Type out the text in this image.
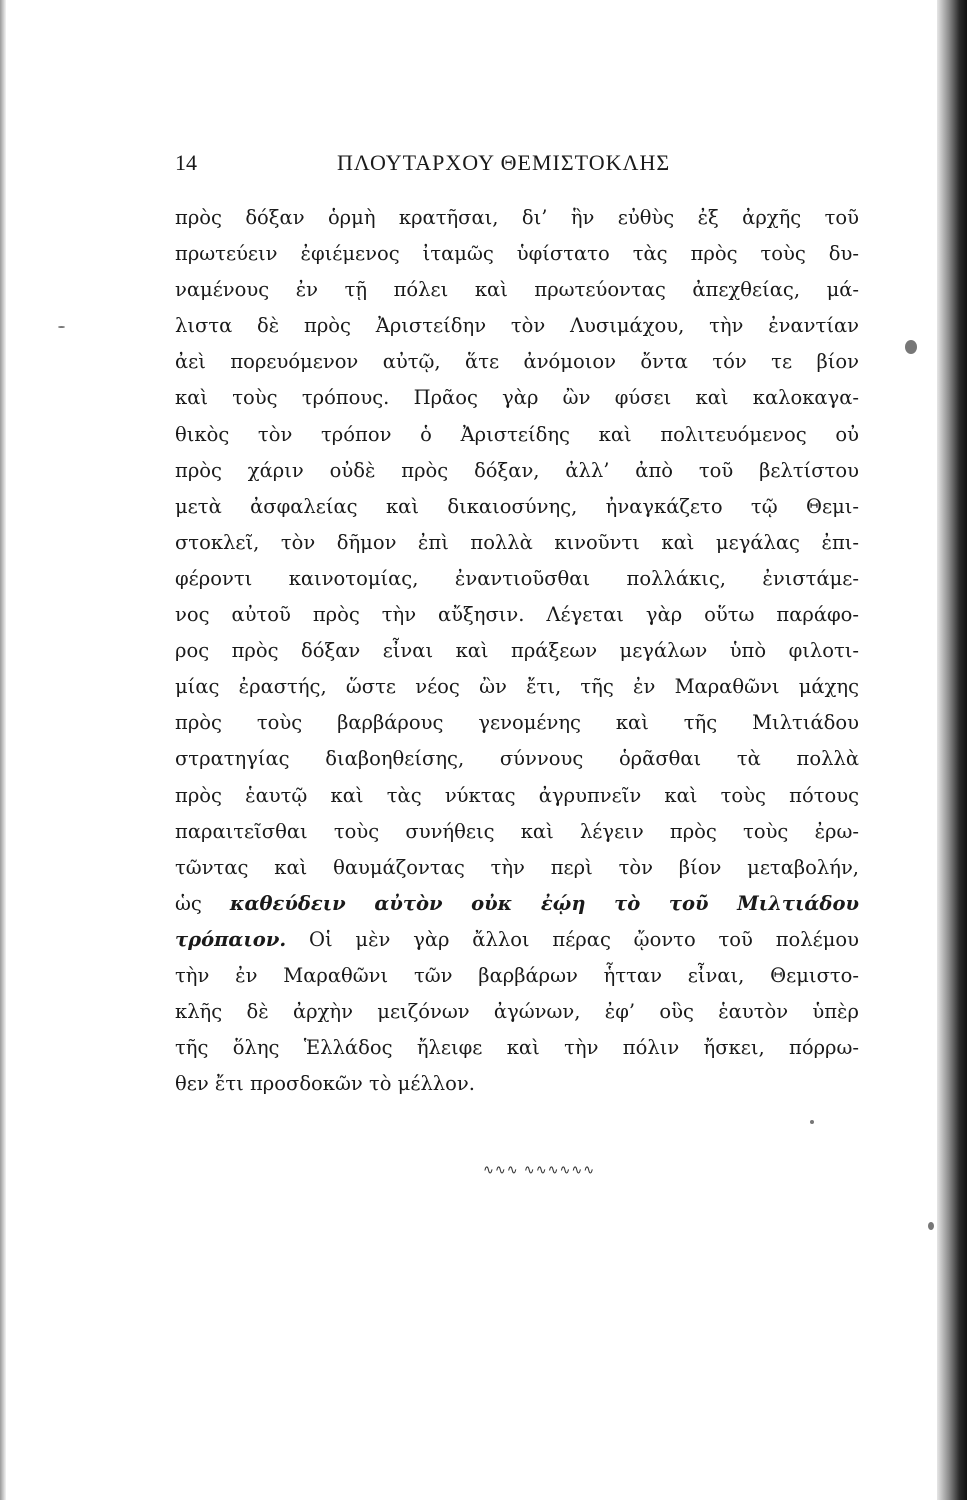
14	ΠΛΟΥΤΑΡΧΟΥ ΘΕΜΙΣΤΟΚΛΗΣ
πρὸς δόξαν ὁρμὴ κρατῆσαι, δι’ ἣν εὐθὺς ἐξ ἀρχῆς τοῦ
πρωτεύειν ἐφιέμενος ἰταμῶς ὑφίστατο τὰς πρὸς τοὺς δυ-
ναμένους ἐν τῇ πόλει καὶ πρωτεύοντας ἀπεχθείας, μά-
λιστα δὲ πρὸς Ἀριστείδην τὸν Λυσιμάχου, τὴν ἐναντίαν
ἀεὶ πορευόμενον αὐτῷ, ἅτε ἀνόμοιον ὄντα τόν τε βίον
καὶ τοὺς τρόπους. Πρᾶος γὰρ ὢν φύσει καὶ καλοκαγα-
θικὸς τὸν τρόπον ὁ Ἀριστείδης καὶ πολιτευόμενος οὐ
πρὸς χάριν οὐδὲ πρὸς δόξαν, ἀλλ’ ἀπὸ τοῦ βελτίστου
μετὰ ἀσφαλείας καὶ δικαιοσύνης, ἠναγκάζετο τῷ Θεμι-
στοκλεῖ, τὸν δῆμον ἐπὶ πολλὰ κινοῦντι καὶ μεγάλας ἐπι-
φέροντι καινοτομίας, ἐναντιοῦσθαι πολλάκις, ἐνιστάμε-
νος αὐτοῦ πρὸς τὴν αὔξησιν. Λέγεται γὰρ οὕτω παράφο-
ρος πρὸς δόξαν εἶναι καὶ πράξεων μεγάλων ὑπὸ φιλοτι-
μίας ἐραστής, ὥστε νέος ὢν ἔτι, τῆς ἐν Μαραθῶνι μάχης
πρὸς τοὺς βαρβάρους γενομένης καὶ τῆς Μιλτιάδου
στρατηγίας διαβοηθείσης, σύννους ὁρᾶσθαι τὰ πολλὰ
πρὸς ἑαυτῷ καὶ τὰς νύκτας ἀγρυπνεῖν καὶ τοὺς πότους
παραιτεῖσθαι τοὺς συνήθεις καὶ λέγειν πρὸς τοὺς ἐρω-
τῶντας καὶ θαυμάζοντας τὴν περὶ τὸν βίον μεταβολήν,
ὡς καθεύδειν αὐτὸν οὐκ ἐῴη τὸ τοῦ Μιλτιάδου
τρόπαιον. Οἱ μὲν γὰρ ἄλλοι πέρας ᾤοντο τοῦ πολέμου
τὴν ἐν Μαραθῶνι τῶν βαρβάρων ἧτταν εἶναι, Θεμιστο-
κλῆς δὲ ἀρχὴν μειζόνων ἀγώνων, ἐφ’ οὓς ἑαυτὸν ὑπὲρ
τῆς ὅλης Ἑλλάδος ἤλειφε καὶ τὴν πόλιν ἤσκει, πόρρω-
θεν ἔτι προσδοκῶν τὸ μέλλον.
∿∿∿ ∿∿∿∿∿∿
